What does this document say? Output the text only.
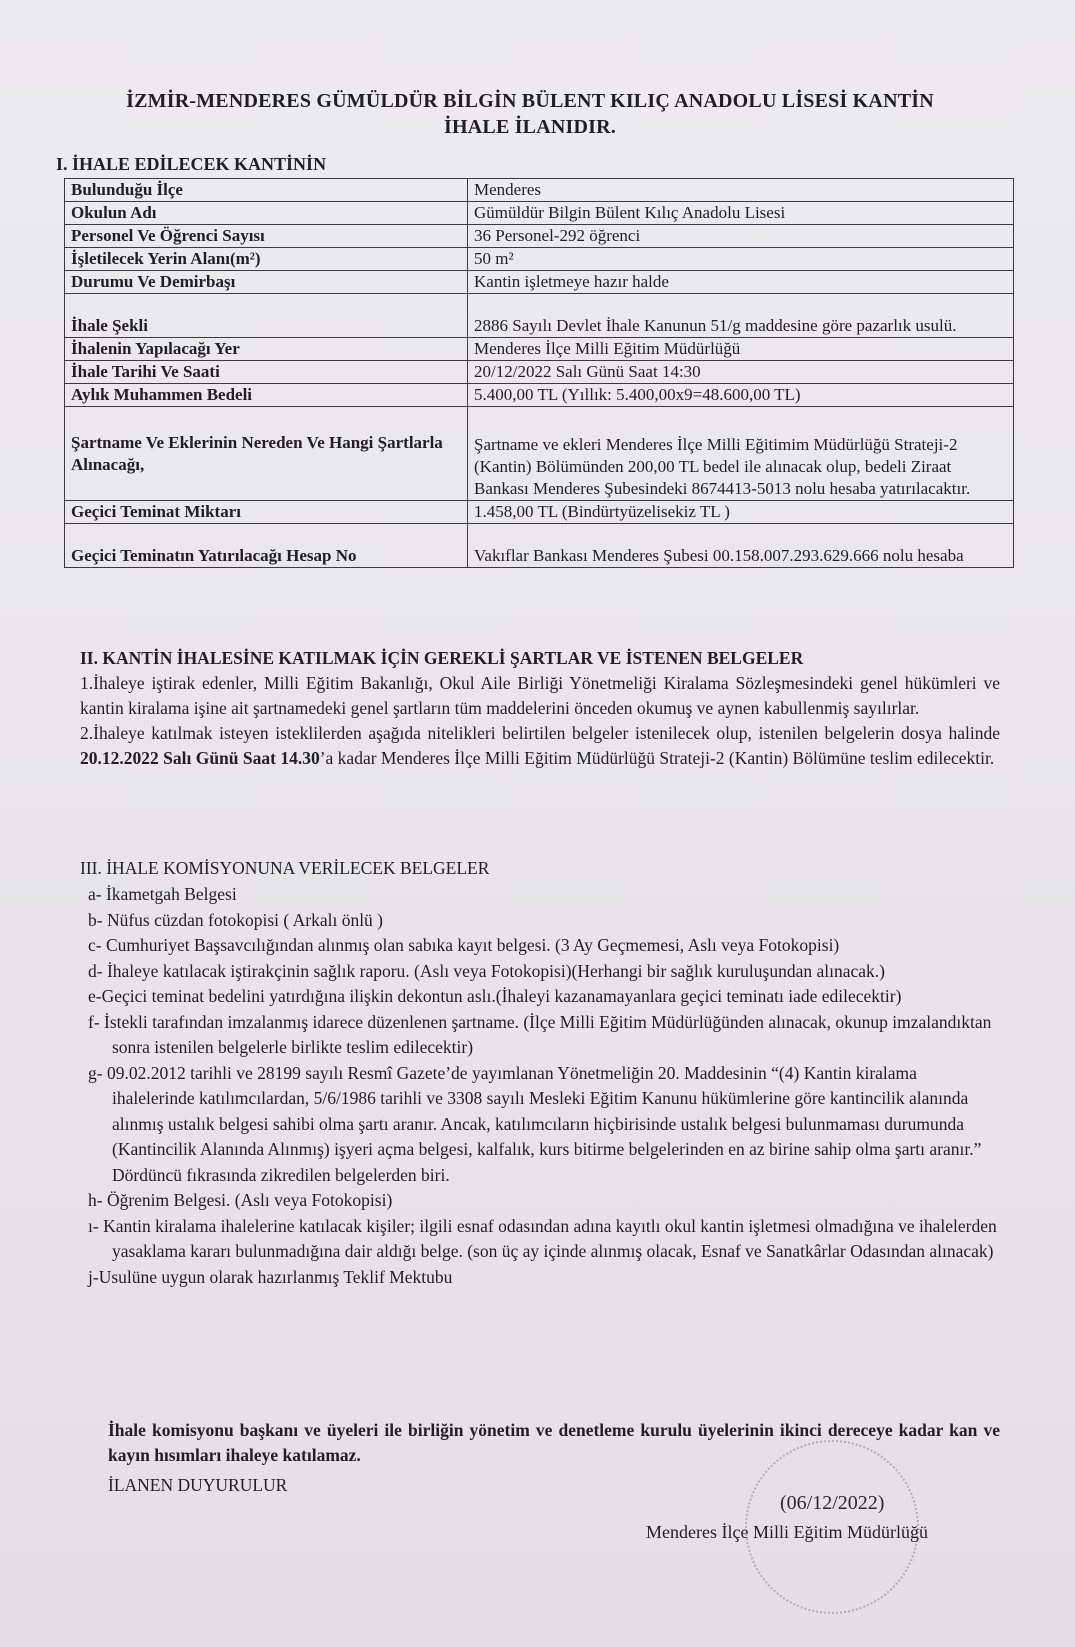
İZMİR-MENDERES GÜMÜLDÜR BİLGİN BÜLENT KILIÇ ANADOLU LİSESİ KANTİN
İHALE İLANIDIR.
I. İHALE EDİLECEK KANTİNİN
Bulunduğu İlçe	Menderes
Okulun Adı	Gümüldür Bilgin Bülent Kılıç Anadolu Lisesi
Personel Ve Öğrenci Sayısı	36 Personel-292 öğrenci
İşletilecek Yerin Alanı(m²)	50 m²
Durumu Ve Demirbaşı	Kantin işletmeye hazır halde
İhale Şekli	2886 Sayılı Devlet İhale Kanunun 51/g maddesine göre pazarlık usulü.
İhalenin Yapılacağı Yer	Menderes İlçe Milli Eğitim Müdürlüğü
İhale Tarihi Ve Saati	20/12/2022 Salı Günü Saat 14:30
Aylık Muhammen Bedeli	5.400,00 TL (Yıllık: 5.400,00x9=48.600,00 TL)
Şartname Ve Eklerinin Nereden Ve Hangi Şartlarla Alınacağı,	Şartname ve ekleri Menderes İlçe Milli Eğitimim Müdürlüğü Strateji-2 (Kantin) Bölümünden 200,00 TL bedel ile alınacak olup, bedeli Ziraat Bankası Menderes Şubesindeki 8674413-5013 nolu hesaba yatırılacaktır.
Geçici Teminat Miktarı	1.458,00 TL (Bindürtyüzelisekiz TL )
Geçici Teminatın Yatırılacağı Hesap No	Vakıflar Bankası Menderes Şubesi 00.158.007.293.629.666 nolu hesaba
II. KANTİN İHALESİNE KATILMAK İÇİN GEREKLİ ŞARTLAR VE İSTENEN BELGELER
1.İhaleye iştirak edenler, Milli Eğitim Bakanlığı, Okul Aile Birliği Yönetmeliği Kiralama Sözleşmesindeki genel hükümleri ve kantin kiralama işine ait şartnamedeki genel şartların tüm maddelerini önceden okumuş ve aynen kabullenmiş sayılırlar.
2.İhaleye katılmak isteyen isteklilerden aşağıda nitelikleri belirtilen belgeler istenilecek olup, istenilen belgelerin dosya halinde 20.12.2022 Salı Günü Saat 14.30’a kadar Menderes İlçe Milli Eğitim Müdürlüğü Strateji-2 (Kantin) Bölümüne teslim edilecektir.
III. İHALE KOMİSYONUNA VERİLECEK BELGELER
a- İkametgah Belgesi
b- Nüfus cüzdan fotokopisi ( Arkalı önlü )
c- Cumhuriyet Başsavcılığından alınmış olan sabıka kayıt belgesi. (3 Ay Geçmemesi, Aslı veya Fotokopisi)
d- İhaleye katılacak iştirakçinin sağlık raporu. (Aslı veya Fotokopisi)(Herhangi bir sağlık kuruluşundan alınacak.)
e-Geçici teminat bedelini yatırdığına ilişkin dekontun aslı.(İhaleyi kazanamayanlara geçici teminatı iade edilecektir)
f- İstekli tarafından imzalanmış idarece düzenlenen şartname. (İlçe Milli Eğitim Müdürlüğünden alınacak, okunup imzalandıktan sonra istenilen belgelerle birlikte teslim edilecektir)
g- 09.02.2012 tarihli ve 28199 sayılı Resmî Gazete’de yayımlanan Yönetmeliğin 20. Maddesinin “(4) Kantin kiralama ihalelerinde katılımcılardan, 5/6/1986 tarihli ve 3308 sayılı Mesleki Eğitim Kanunu hükümlerine göre kantincilik alanında alınmış ustalık belgesi sahibi olma şartı aranır. Ancak, katılımcıların hiçbirisinde ustalık belgesi bulunmaması durumunda (Kantincilik Alanında Alınmış) işyeri açma belgesi, kalfalık, kurs bitirme belgelerinden en az birine sahip olma şartı aranır.” Dördüncü fıkrasında zikredilen belgelerden biri.
h- Öğrenim Belgesi. (Aslı veya Fotokopisi)
ı- Kantin kiralama ihalelerine katılacak kişiler; ilgili esnaf odasından adına kayıtlı okul kantin işletmesi olmadığına ve ihalelerden yasaklama kararı bulunmadığına dair aldığı belge. (son üç ay içinde alınmış olacak, Esnaf ve Sanatkârlar Odasından alınacak)
j-Usulüne uygun olarak hazırlanmış Teklif Mektubu
İhale komisyonu başkanı ve üyeleri ile birliğin yönetim ve denetleme kurulu üyelerinin ikinci dereceye kadar kan ve kayın hısımları ihaleye katılamaz.
İLANEN DUYURULUR
(06/12/2022)
Menderes İlçe Milli Eğitim Müdürlüğü
